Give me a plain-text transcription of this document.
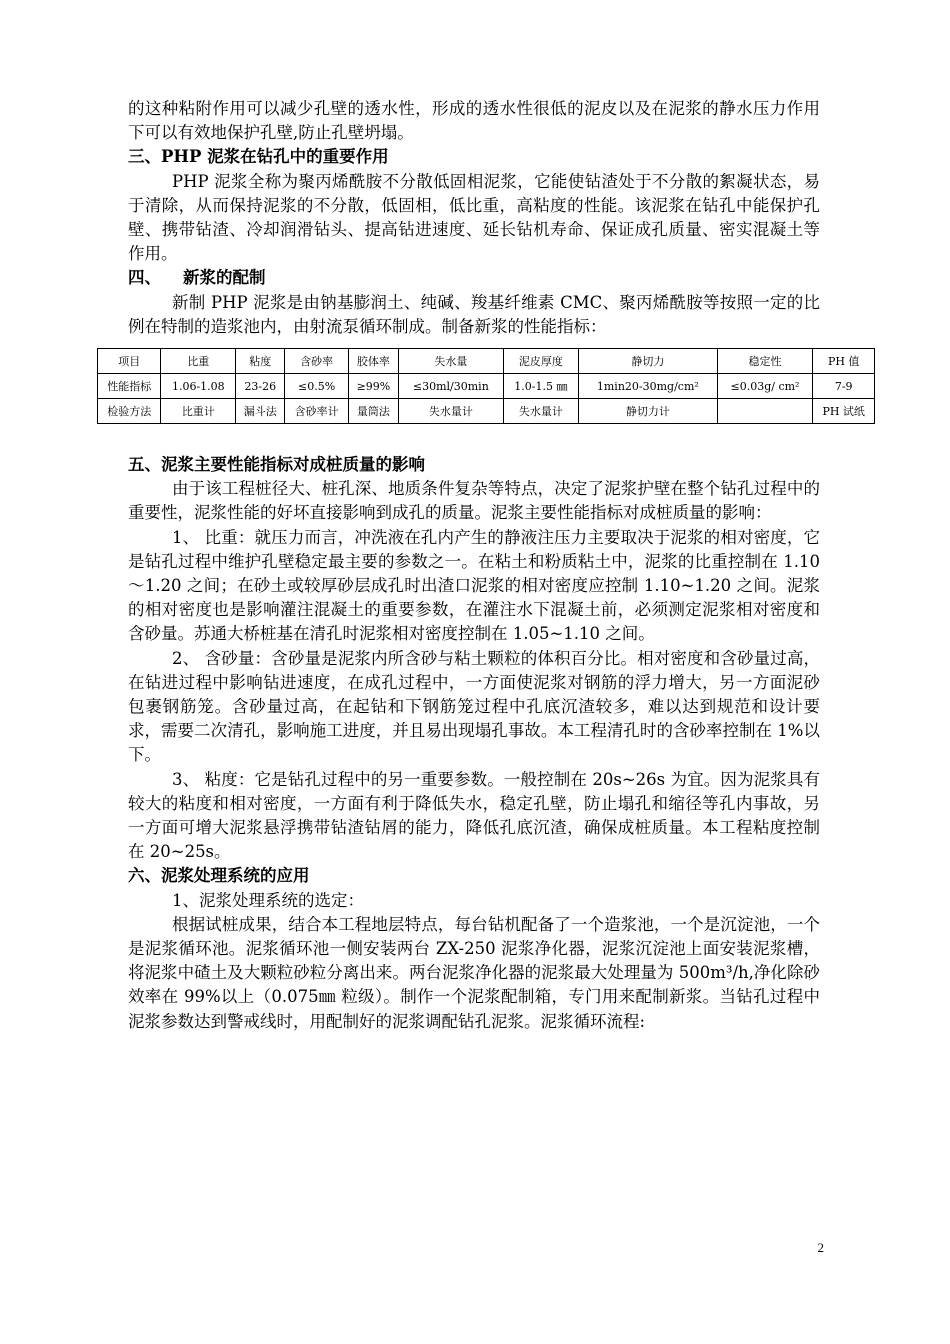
的这种粘附作用可以减少孔壁的透水性，形成的透水性很低的泥皮以及在泥浆的静水压力作用下可以有效地保护孔壁,防止孔壁坍塌。

三、PHP 泥浆在钻孔中的重要作用

PHP 泥浆全称为聚丙烯酰胺不分散低固相泥浆，它能使钻渣处于不分散的絮凝状态，易于清除，从而保持泥浆的不分散，低固相，低比重，高粘度的性能。该泥浆在钻孔中能保护孔壁、携带钻渣、冷却润滑钻头、提高钻进速度、延长钻机寿命、保证成孔质量、密实混凝土等作用。

四、 新浆的配制

新制 PHP 泥浆是由钠基膨润土、纯碱、羧基纤维素 CMC、聚丙烯酰胺等按照一定的比例在特制的造浆池内，由射流泵循环制成。制备新浆的性能指标：

项目	比重	粘度	含砂率	胶体率	失水量	泥皮厚度	静切力	稳定性	PH 值
性能指标	1.06-1.08	23-26	≤0.5%	≥99%	≤30ml/30min	1.0-1.5 ㎜	1min20-30mg/cm²	≤0.03g/ cm²	7-9
检验方法	比重计	漏斗法	含砂率计	量筒法	失水量计	失水量计	静切力计		PH 试纸

五、泥浆主要性能指标对成桩质量的影响

由于该工程桩径大、桩孔深、地质条件复杂等特点，决定了泥浆护壁在整个钻孔过程中的重要性，泥浆性能的好坏直接影响到成孔的质量。泥浆主要性能指标对成桩质量的影响：

1、 比重：就压力而言，冲洗液在孔内产生的静液注压力主要取决于泥浆的相对密度，它是钻孔过程中维护孔壁稳定最主要的参数之一。在粘土和粉质粘土中，泥浆的比重控制在 1.10～1.20 之间；在砂土或较厚砂层成孔时出渣口泥浆的相对密度应控制 1.10~1.20 之间。泥浆的相对密度也是影响灌注混凝土的重要参数，在灌注水下混凝土前，必须测定泥浆相对密度和含砂量。苏通大桥桩基在清孔时泥浆相对密度控制在 1.05~1.10 之间。

2、 含砂量：含砂量是泥浆内所含砂与粘土颗粒的体积百分比。相对密度和含砂量过高，在钻进过程中影响钻进速度，在成孔过程中，一方面使泥浆对钢筋的浮力增大，另一方面泥砂包裹钢筋笼。含砂量过高，在起钻和下钢筋笼过程中孔底沉渣较多，难以达到规范和设计要求，需要二次清孔，影响施工进度，并且易出现塌孔事故。本工程清孔时的含砂率控制在 1%以下。

3、 粘度：它是钻孔过程中的另一重要参数。一般控制在 20s~26s 为宜。因为泥浆具有较大的粘度和相对密度，一方面有利于降低失水，稳定孔壁，防止塌孔和缩径等孔内事故，另一方面可增大泥浆悬浮携带钻渣钻屑的能力，降低孔底沉渣，确保成桩质量。本工程粘度控制在 20~25s。

六、泥浆处理系统的应用

1、泥浆处理系统的选定：

根据试桩成果，结合本工程地层特点，每台钻机配备了一个造浆池，一个是沉淀池，一个是泥浆循环池。泥浆循环池一侧安装两台 ZX-250 泥浆净化器，泥浆沉淀池上面安装泥浆槽，将泥浆中碴土及大颗粒砂粒分离出来。两台泥浆净化器的泥浆最大处理量为 500m³/h,净化除砂效率在 99%以上（0.075㎜ 粒级）。制作一个泥浆配制箱，专门用来配制新浆。当钻孔过程中泥浆参数达到警戒线时，用配制好的泥浆调配钻孔泥浆。泥浆循环流程:

2
